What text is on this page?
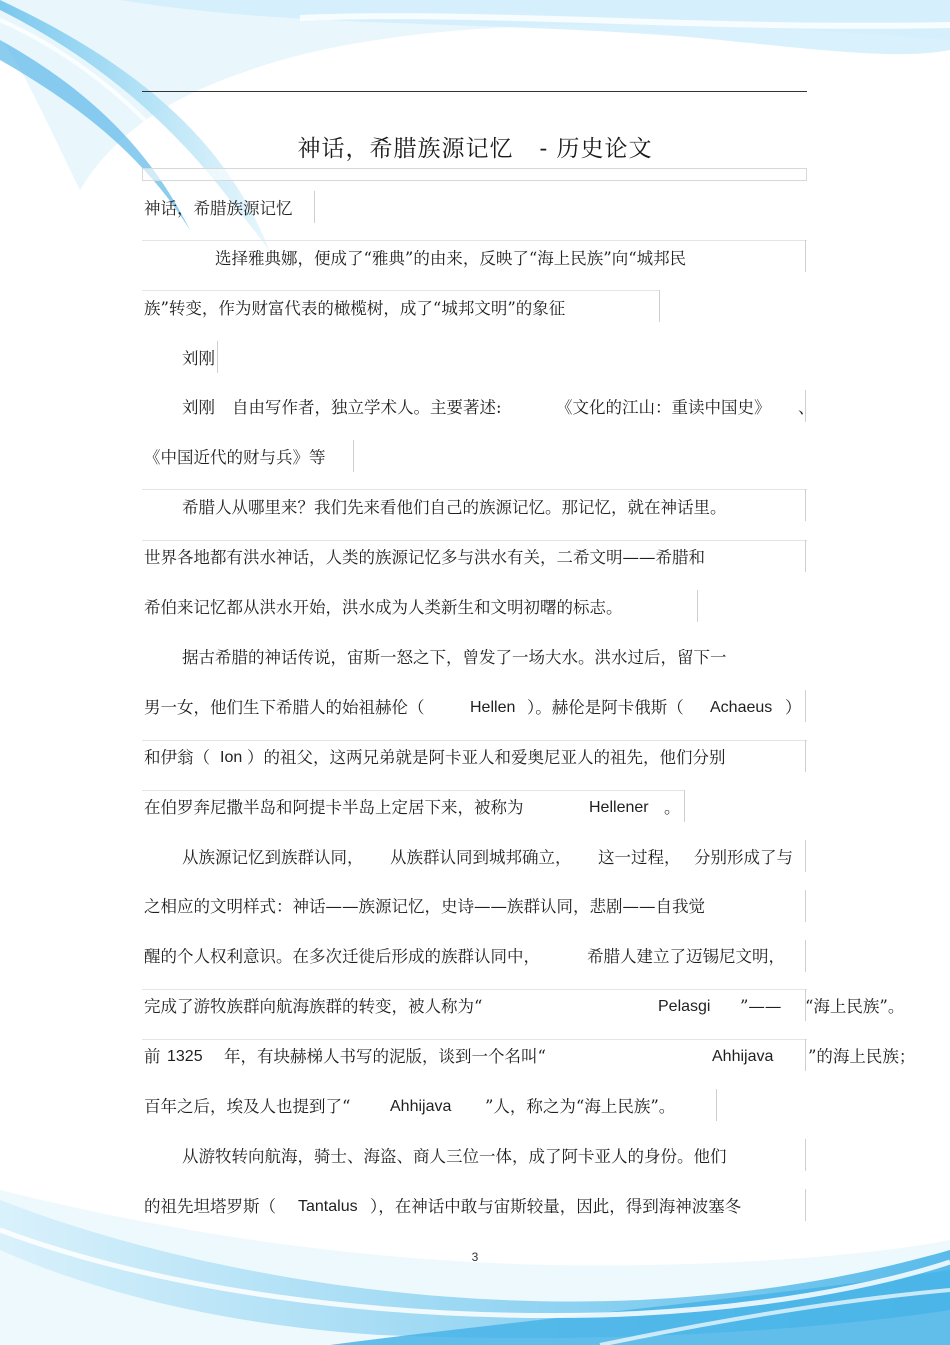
神话，希腊族源记忆 - 历史论文
神话，希腊族源记忆
选择雅典娜，便成了“雅典”的由来，反映了“海上民族”向“城邦民
族”转变，作为财富代表的橄榄树，成了“城邦文明”的象征
刘刚
刘刚 自由写作者，独立学术人。主要著述:	《文化的江山：重读中国史》 、
《中国近代的财与兵》等
希腊人从哪里来？我们先来看他们自己的族源记忆。那记忆，就在神话里。
世界各地都有洪水神话，人类的族源记忆多与洪水有关，二希文明——希腊和
希伯来记忆都从洪水开始，洪水成为人类新生和文明初曙的标志。
据古希腊的神话传说，宙斯一怒之下，曾发了一场大水。洪水过后，留下一
男一女，他们生下希腊人的始祖赫伦（	Hellen ）。赫伦是阿卡俄斯（ Achaeus ）
和伊翁（ Ion ）的祖父，这两兄弟就是阿卡亚人和爱奥尼亚人的祖先，他们分别
在伯罗奔尼撒半岛和阿提卡半岛上定居下来，被称为	Hellener 。
从族源记忆到族群认同， 从族群认同到城邦确立， 这一过程， 分别形成了与
之相应的文明样式：神话——族源记忆，史诗——族群认同，悲剧——自我觉
醒的个人权利意识。在多次迁徙后形成的族群认同中，	希腊人建立了迈锡尼文明，
完成了游牧族群向航海族群的转变，被人称为“	Pelasgi ”—— “海上民族”。
前 1325 年，有块赫梯人书写的泥版，谈到一个名叫“	Ahhijava ”的海上民族；
百年之后，埃及人也提到了“ Ahhijava ”人，称之为“海上民族”。
从游牧转向航海，骑士、海盗、商人三位一体，成了阿卡亚人的身份。他们
的祖先坦塔罗斯（ Tantalus ），在神话中敢与宙斯较量，因此，得到海神波塞冬
3
